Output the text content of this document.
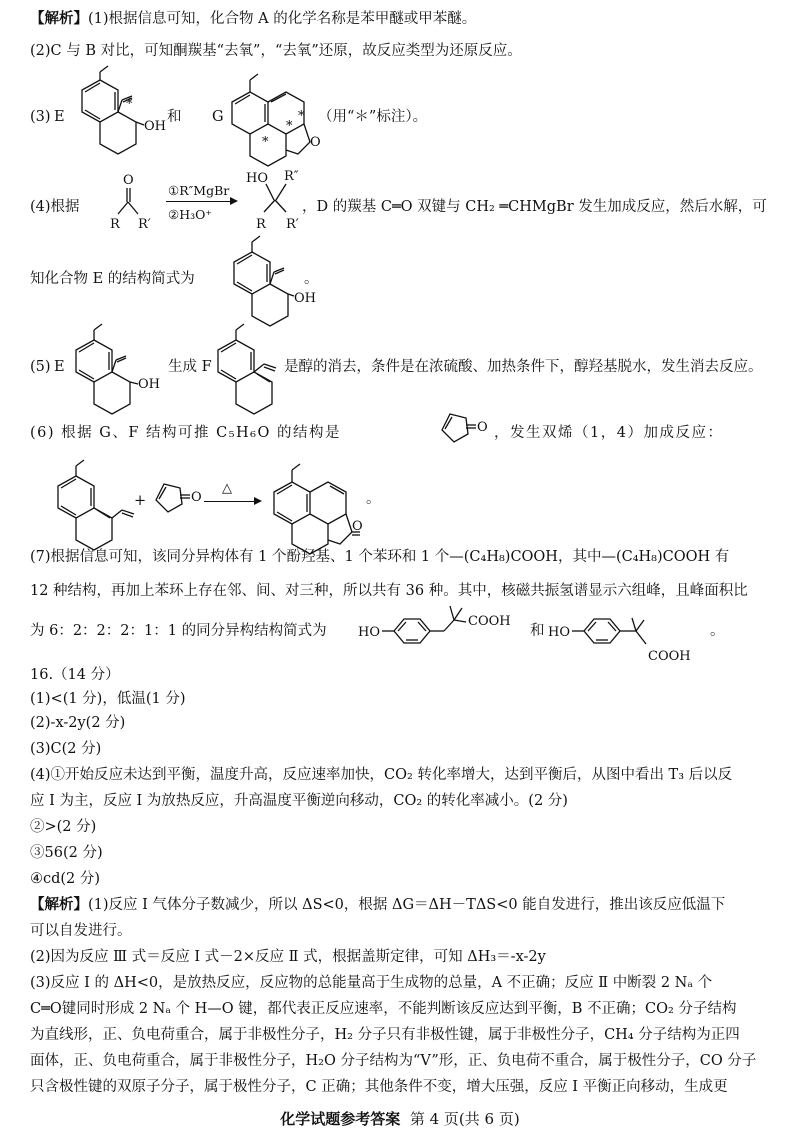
【解析】(1)根据信息可知，化合物 A 的化学名称是苯甲醚或甲苯醚。
(2)C 与 B 对比，可知酮羰基“去氧”，“去氧”还原，故反应类型为还原反应。
(3) E
*
OH
和 G
*
*
*
O
（用“＊”标注）。
(4)根据
O
R R′
①R″MgBr
②H₃O⁺
HO R″
R R′
，D 的羰基 C═O 双键与 CH₂ ═CHMgBr 发生加成反应，然后水解，可
知化合物 E 的结构简式为
OH
。
(5) E
OH
生成 F	是醇的消去，条件是在浓硫酸、加热条件下，醇羟基脱水，发生消去反应。
(6) 根据 G、F 结构可推 C₅H₆O 的结构是	O ，发生双烯（1，4）加成反应：
+	O
△
O
。
(7)根据信息可知，该同分异构体有 1 个酚羟基、1 个苯环和 1 个—(C₄H₈)COOH，其中—(C₄H₈)COOH 有
12 种结构，再加上苯环上存在邻、间、对三种，所以共有 36 种。其中，核磁共振氢谱显示六组峰，且峰面积比
为 6：2：2：2：1：1 的同分异构结构简式为 HO
COOH
和 HO
COOH
。
16.（14 分）
(1)<(1 分)，低温(1 分)
(2)-x-2y(2 分)
(3)C(2 分)
(4)①开始反应未达到平衡，温度升高，反应速率加快，CO₂ 转化率增大，达到平衡后，从图中看出 T₃ 后以反
应 Ⅰ 为主，反应 Ⅰ 为放热反应，升高温度平衡逆向移动，CO₂ 的转化率减小。(2 分)
②>(2 分)
③56(2 分)
④cd(2 分)
【解析】(1)反应 Ⅰ 气体分子数减少，所以 ΔS<0，根据 ΔG＝ΔH－TΔS<0 能自发进行，推出该反应低温下
可以自发进行。
(2)因为反应 Ⅲ 式＝反应 Ⅰ 式－2×反应 Ⅱ 式，根据盖斯定律，可知 ΔH₃＝-x-2y
(3)反应 Ⅰ 的 ΔH<0，是放热反应，反应物的总能量高于生成物的总量，A 不正确；反应 Ⅱ 中断裂 2 Nₐ 个
C═O键同时形成 2 Nₐ 个 H—O 键，都代表正反应速率，不能判断该反应达到平衡，B 不正确；CO₂ 分子结构
为直线形，正、负电荷重合，属于非极性分子，H₂ 分子只有非极性键，属于非极性分子，CH₄ 分子结构为正四
面体，正、负电荷重合，属于非极性分子，H₂O 分子结构为“V”形，正、负电荷不重合，属于极性分子，CO 分子
只含极性键的双原子分子，属于极性分子，C 正确；其他条件不变，增大压强，反应 Ⅰ 平衡正向移动，生成更
化学试题参考答案 第 4 页(共 6 页)
